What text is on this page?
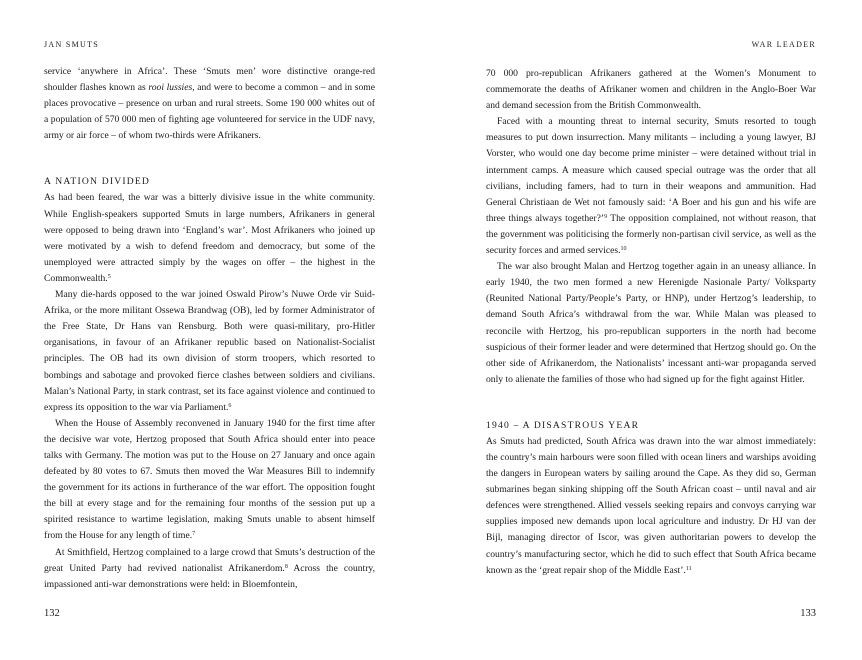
JAN SMUTS

service ‘anywhere in Africa’. These ‘Smuts men’ wore distinctive orange-red shoulder flashes known as rooi lussies, and were to become a common – and in some places provocative – presence on urban and rural streets. Some 190 000 whites out of a population of 570 000 men of fighting age volunteered for service in the UDF navy, army or air force – of whom two-thirds were Afrikaners.

A NATION DIVIDED

As had been feared, the war was a bitterly divisive issue in the white community. While English-speakers supported Smuts in large numbers, Afrikaners in general were opposed to being drawn into ‘England’s war’. Most Afrikaners who joined up were motivated by a wish to defend freedom and democracy, but some of the unemployed were attracted simply by the wages on offer – the highest in the Commonwealth.$^5$

Many die-hards opposed to the war joined Oswald Pirow’s Nuwe Orde vir Suid-Afrika, or the more militant Ossewa Brandwag (OB), led by former Administrator of the Free State, Dr Hans van Rensburg. Both were quasi-military, pro-Hitler organisations, in favour of an Afrikaner republic based on Nationalist-Socialist principles. The OB had its own division of storm troopers, which resorted to bombings and sabotage and provoked fierce clashes between soldiers and civilians. Malan’s National Party, in stark contrast, set its face against violence and continued to express its opposition to the war via Parliament.$^6$

When the House of Assembly reconvened in January 1940 for the first time after the decisive war vote, Hertzog proposed that South Africa should enter into peace talks with Germany. The motion was put to the House on 27 January and once again defeated by 80 votes to 67. Smuts then moved the War Measures Bill to indemnify the government for its actions in furtherance of the war effort. The opposition fought the bill at every stage and for the remaining four months of the session put up a spirited resistance to wartime legislation, making Smuts unable to absent himself from the House for any length of time.$^7$

At Smithfield, Hertzog complained to a large crowd that Smuts’s destruction of the great United Party had revived nationalist Afrikanerdom.$^8$ Across the country, impassioned anti-war demonstrations were held: in Bloemfontein,

132
WAR LEADER

70 000 pro-republican Afrikaners gathered at the Women’s Monument to commemorate the deaths of Afrikaner women and children in the Anglo-Boer War and demand secession from the British Commonwealth.

Faced with a mounting threat to internal security, Smuts resorted to tough measures to put down insurrection. Many militants – including a young lawyer, BJ Vorster, who would one day become prime minister – were detained without trial in internment camps. A measure which caused special outrage was the order that all civilians, including famers, had to turn in their weapons and ammunition. Had General Christiaan de Wet not famously said: ‘A Boer and his gun and his wife are three things always together?’$^9$ The opposition complained, not without reason, that the government was politicising the formerly non-partisan civil service, as well as the security forces and armed services.$^{10}$

The war also brought Malan and Hertzog together again in an uneasy alliance. In early 1940, the two men formed a new Herenigde Nasionale Party/ Volksparty (Reunited National Party/People’s Party, or HNP), under Hertzog’s leadership, to demand South Africa’s withdrawal from the war. While Malan was pleased to reconcile with Hertzog, his pro-republican supporters in the north had become suspicious of their former leader and were determined that Hertzog should go. On the other side of Afrikanerdom, the Nationalists’ incessant anti-war propaganda served only to alienate the families of those who had signed up for the fight against Hitler.

1940 – A DISASTROUS YEAR

As Smuts had predicted, South Africa was drawn into the war almost immediately: the country’s main harbours were soon filled with ocean liners and warships avoiding the dangers in European waters by sailing around the Cape. As they did so, German submarines began sinking shipping off the South African coast – until naval and air defences were strengthened. Allied vessels seeking repairs and convoys carrying war supplies imposed new demands upon local agriculture and industry. Dr HJ van der Bijl, managing director of Iscor, was given authoritarian powers to develop the country’s manufacturing sector, which he did to such effect that South Africa became known as the ‘great repair shop of the Middle East’.$^{11}$

133
